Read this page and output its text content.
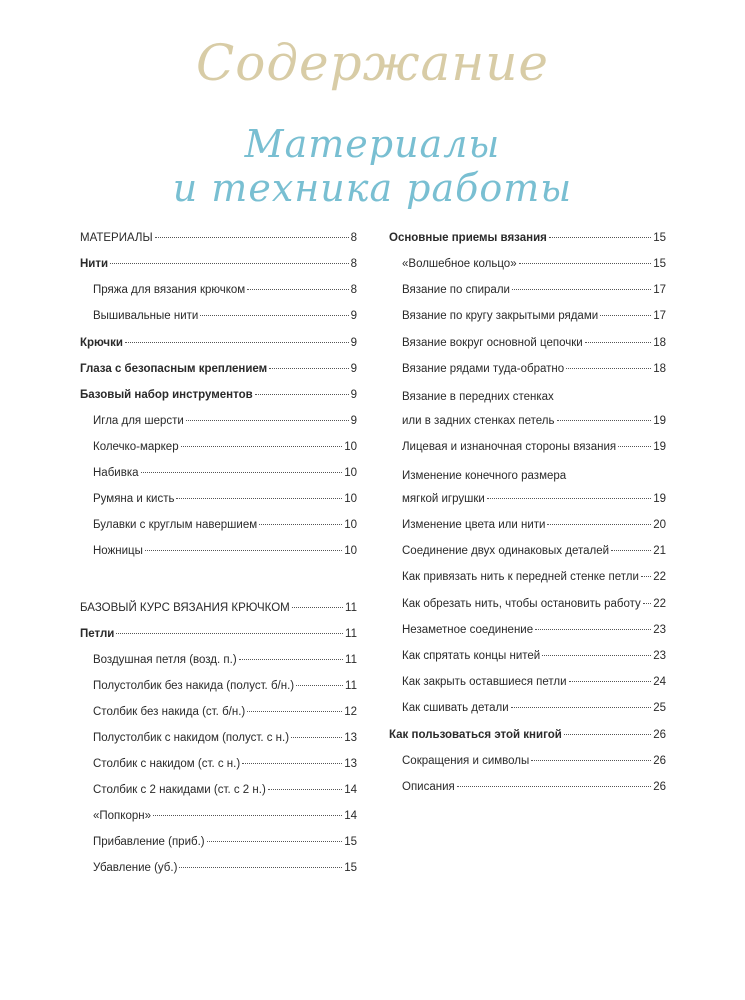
Содержание
Материалы
и техника работы
МАТЕРИАЛЫ	8
Нити	8
Пряжа для вязания крючком	8
Вышивальные нити	9
Крючки	9
Глаза с безопасным креплением	9
Базовый набор инструментов	9
Игла для шерсти	9
Колечко-маркер	10
Набивка	10
Румяна и кисть	10
Булавки с круглым навершием	10
Ножницы	10
БАЗОВЫЙ КУРС ВЯЗАНИЯ КРЮЧКОМ	11
Петли	11
Воздушная петля (возд. п.)	11
Полустолбик без накида (полуст. б/н.)	11
Столбик без накида (ст. б/н.)	12
Полустолбик с накидом (полуст. с н.)	13
Столбик с накидом (ст. с н.)	13
Столбик с 2 накидами (ст. с 2 н.)	14
«Попкорн»	14
Прибавление (приб.)	15
Убавление (уб.)	15
Основные приемы вязания	15
«Волшебное кольцо»	15
Вязание по спирали	17
Вязание по кругу закрытыми рядами	17
Вязание вокруг основной цепочки	18
Вязание рядами туда-обратно	18
Вязание в передних стенках
или в задних стенках петель	19
Лицевая и изнаночная стороны вязания	19
Изменение конечного размера
мягкой игрушки	19
Изменение цвета или нити	20
Соединение двух одинаковых деталей	21
Как привязать нить к передней стенке петли 22
Как обрезать нить, чтобы остановить работу 22
Незаметное соединение	23
Как спрятать концы нитей	23
Как закрыть оставшиеся петли	24
Как сшивать детали	25
Как пользоваться этой книгой	26
Сокращения и символы	26
Описания	26
